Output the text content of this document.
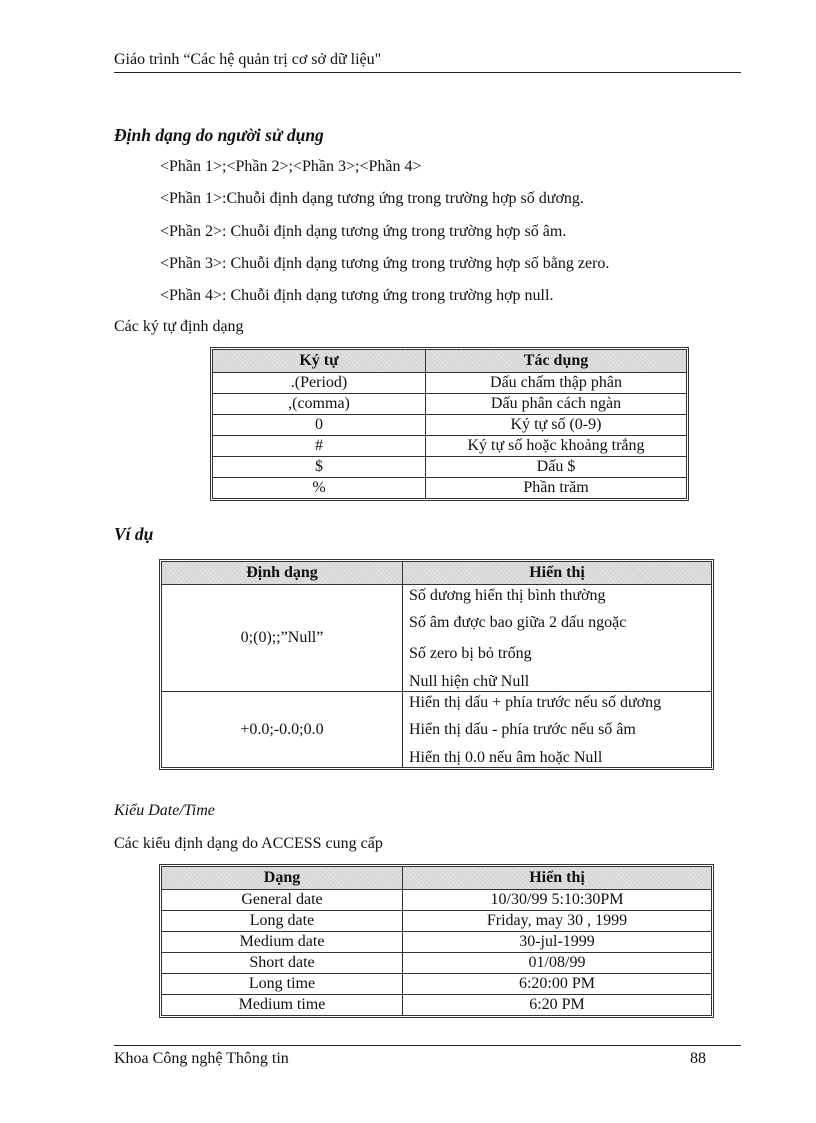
Giáo trình “Các hệ quản trị cơ sở dữ liệu"
Định dạng do người sử dụng
<Phần 1>;<Phần 2>;<Phần 3>;<Phần 4>
<Phần 1>:Chuỗi định dạng tương ứng trong trường hợp số dương.
<Phần 2>: Chuỗi định dạng tương ứng trong trường hợp số âm.
<Phần 3>: Chuỗi định dạng tương ứng trong trường hợp số bằng zero.
<Phần 4>: Chuỗi định dạng tương ứng trong trường hợp null.
Các ký tự định dạng
Ký tự	Tác dụng
.(Period)	Dấu chấm thập phân
,(comma)	Dấu phân cách ngàn
0	Ký tự số (0-9)
#	Ký tự số hoặc khoảng trắng
$	Dấu $
%	Phần trăm
Ví dụ
Định dạng	Hiển thị
0;(0);;”Null”	Số dương hiển thị bình thường
Số âm được bao giữa 2 dấu ngoặc
Số zero bị bỏ trống
Null hiện chữ Null

+0.0;-0.0;0.0	Hiển thị dấu + phía trước nếu số dương
Hiển thị dấu - phía trước nếu số âm
Hiển thị 0.0 nếu âm hoặc Null
Kiểu Date/Time
Các kiểu định dạng do ACCESS cung cấp
Dạng	Hiển thị
General date	10/30/99 5:10:30PM
Long date	Friday, may 30 , 1999
Medium date	30-jul-1999
Short date	01/08/99
Long time	6:20:00 PM
Medium time	6:20 PM
Khoa Công nghệ Thông tin	88
